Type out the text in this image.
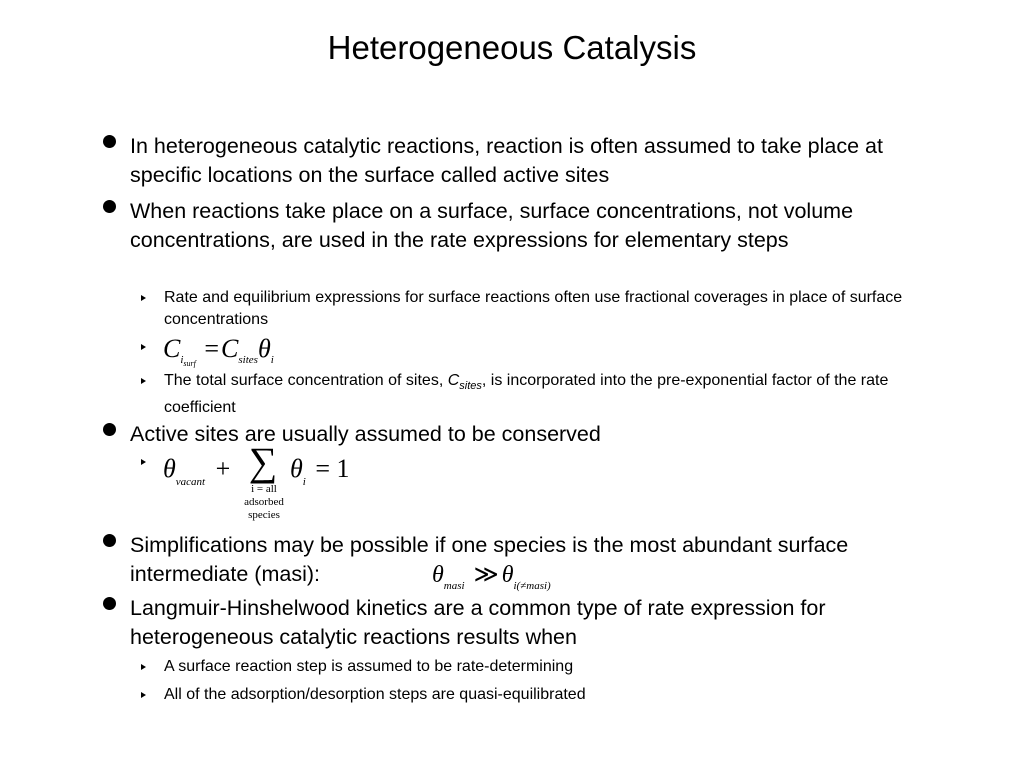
Heterogeneous Catalysis
In heterogeneous catalytic reactions, reaction is often assumed to take place at specific locations on the surface called active sites
When reactions take place on a surface, surface concentrations, not volume concentrations, are used in the rate expressions for elementary steps
Rate and equilibrium expressions for surface reactions often use fractional coverages in place of surface concentrations
$C_{i_{surf}} =C_{sites}\theta_i$
The total surface concentration of sites, $C_{sites}$, is incorporated into the pre-exponential factor of the rate coefficient
Active sites are usually assumed to be conserved
$\theta_{vacant}$ + ∑
i = all
adsorbed
species
$\theta_i = 1$
Simplifications may be possible if one species is the most abundant surface intermediate (masi):	$\theta_{masi}$ ≫ $\theta_{i(\ne masi)}$
Langmuir-Hinshelwood kinetics are a common type of rate expression for heterogeneous catalytic reactions results when
A surface reaction step is assumed to be rate-determining
All of the adsorption/desorption steps are quasi-equilibrated
